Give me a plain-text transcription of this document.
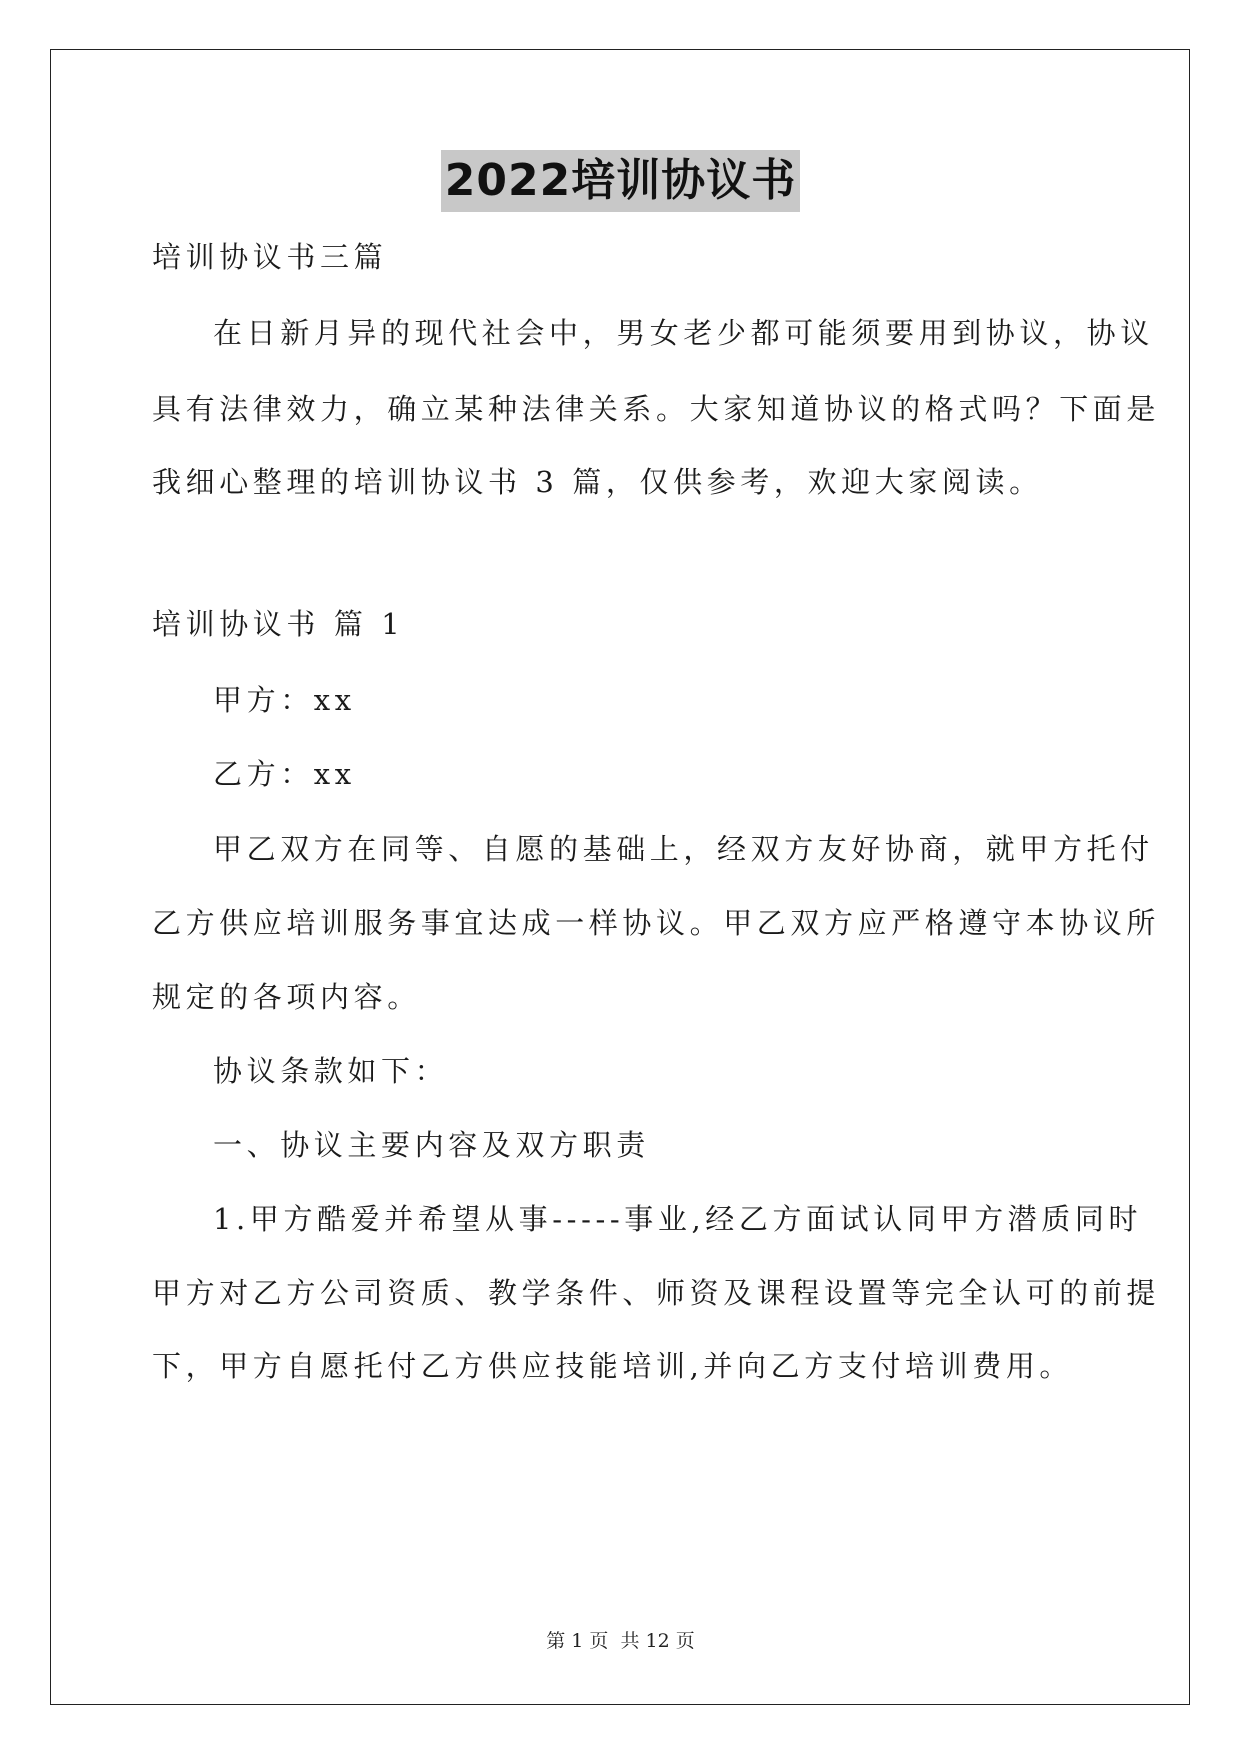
2022培训协议书
培训协议书三篇
在日新月异的现代社会中，男女老少都可能须要用到协议，协议
具有法律效力，确立某种法律关系。大家知道协议的格式吗？下面是
我细心整理的培训协议书 3 篇，仅供参考，欢迎大家阅读。
培训协议书 篇 1
甲方：xx
乙方：xx
甲乙双方在同等、自愿的基础上，经双方友好协商，就甲方托付
乙方供应培训服务事宜达成一样协议。甲乙双方应严格遵守本协议所
规定的各项内容。
协议条款如下：
一、协议主要内容及双方职责
1.甲方酷爱并希望从事-----事业,经乙方面试认同甲方潜质同时
甲方对乙方公司资质、教学条件、师资及课程设置等完全认可的前提
下，甲方自愿托付乙方供应技能培训,并向乙方支付培训费用。
第 1 页 共 12 页
